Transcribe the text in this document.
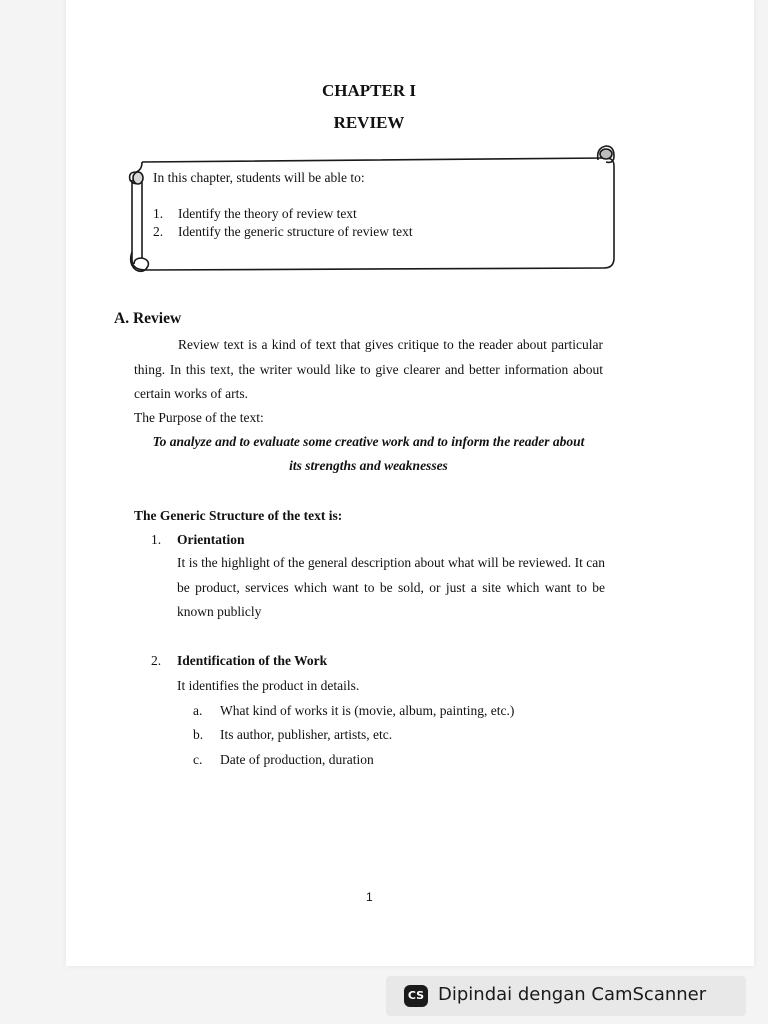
CHAPTER I
REVIEW
In this chapter, students will be able to:
1. Identify the theory of review text
2. Identify the generic structure of review text
A. Review
Review text is a kind of text that gives critique to the reader about particular thing. In this text, the writer would like to give clearer and better information about certain works of arts.
The Purpose of the text:
To analyze and to evaluate some creative work and to inform the reader about
its strengths and weaknesses
The Generic Structure of the text is:
1. Orientation
It is the highlight of the general description about what will be reviewed. It can be product, services which want to be sold, or just a site which want to be known publicly
2. Identification of the Work
It identifies the product in details.
a. What kind of works it is (movie, album, painting, etc.)
b. Its author, publisher, artists, etc.
c. Date of production, duration
1
CS Dipindai dengan CamScanner
